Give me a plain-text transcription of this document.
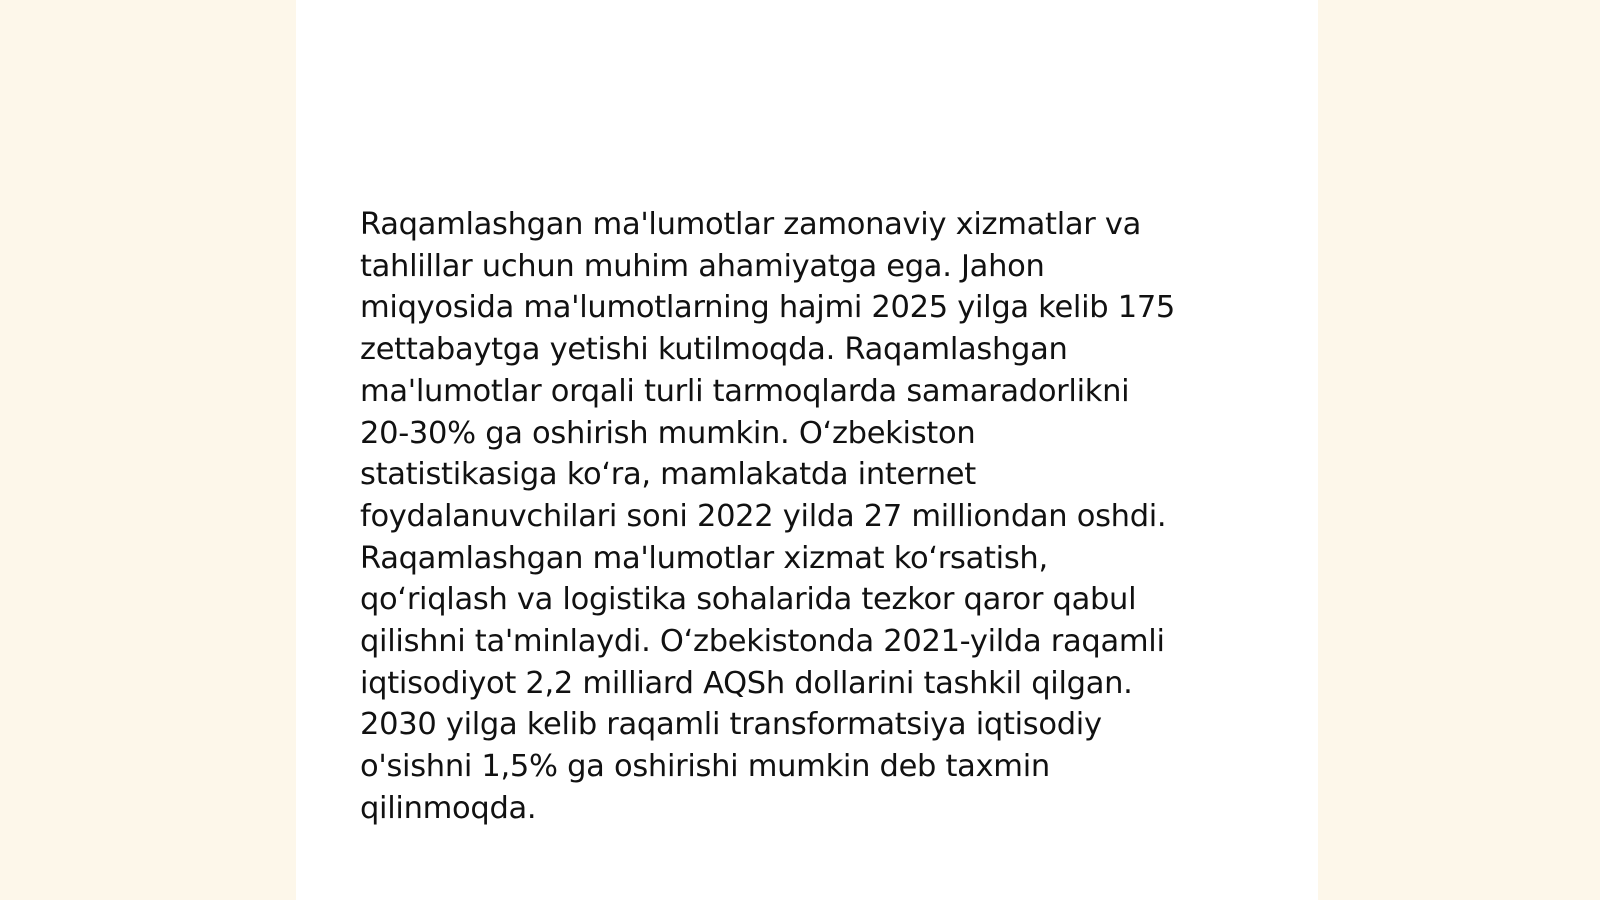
Raqamlashgan ma'lumotlar zamonaviy xizmatlar va
tahlillar uchun muhim ahamiyatga ega. Jahon
miqyosida ma'lumotlarning hajmi 2025 yilga kelib 175
zettabaytga yetishi kutilmoqda. Raqamlashgan
ma'lumotlar orqali turli tarmoqlarda samaradorlikni
20-30% ga oshirish mumkin. O‘zbekiston
statistikasiga ko‘ra, mamlakatda internet
foydalanuvchilari soni 2022 yilda 27 milliondan oshdi.
Raqamlashgan ma'lumotlar xizmat ko‘rsatish,
qo‘riqlash va logistika sohalarida tezkor qaror qabul
qilishni ta'minlaydi. O‘zbekistonda 2021-yilda raqamli
iqtisodiyot 2,2 milliard AQSh dollarini tashkil qilgan.
2030 yilga kelib raqamli transformatsiya iqtisodiy
o'sishni 1,5% ga oshirishi mumkin deb taxmin
qilinmoqda.
